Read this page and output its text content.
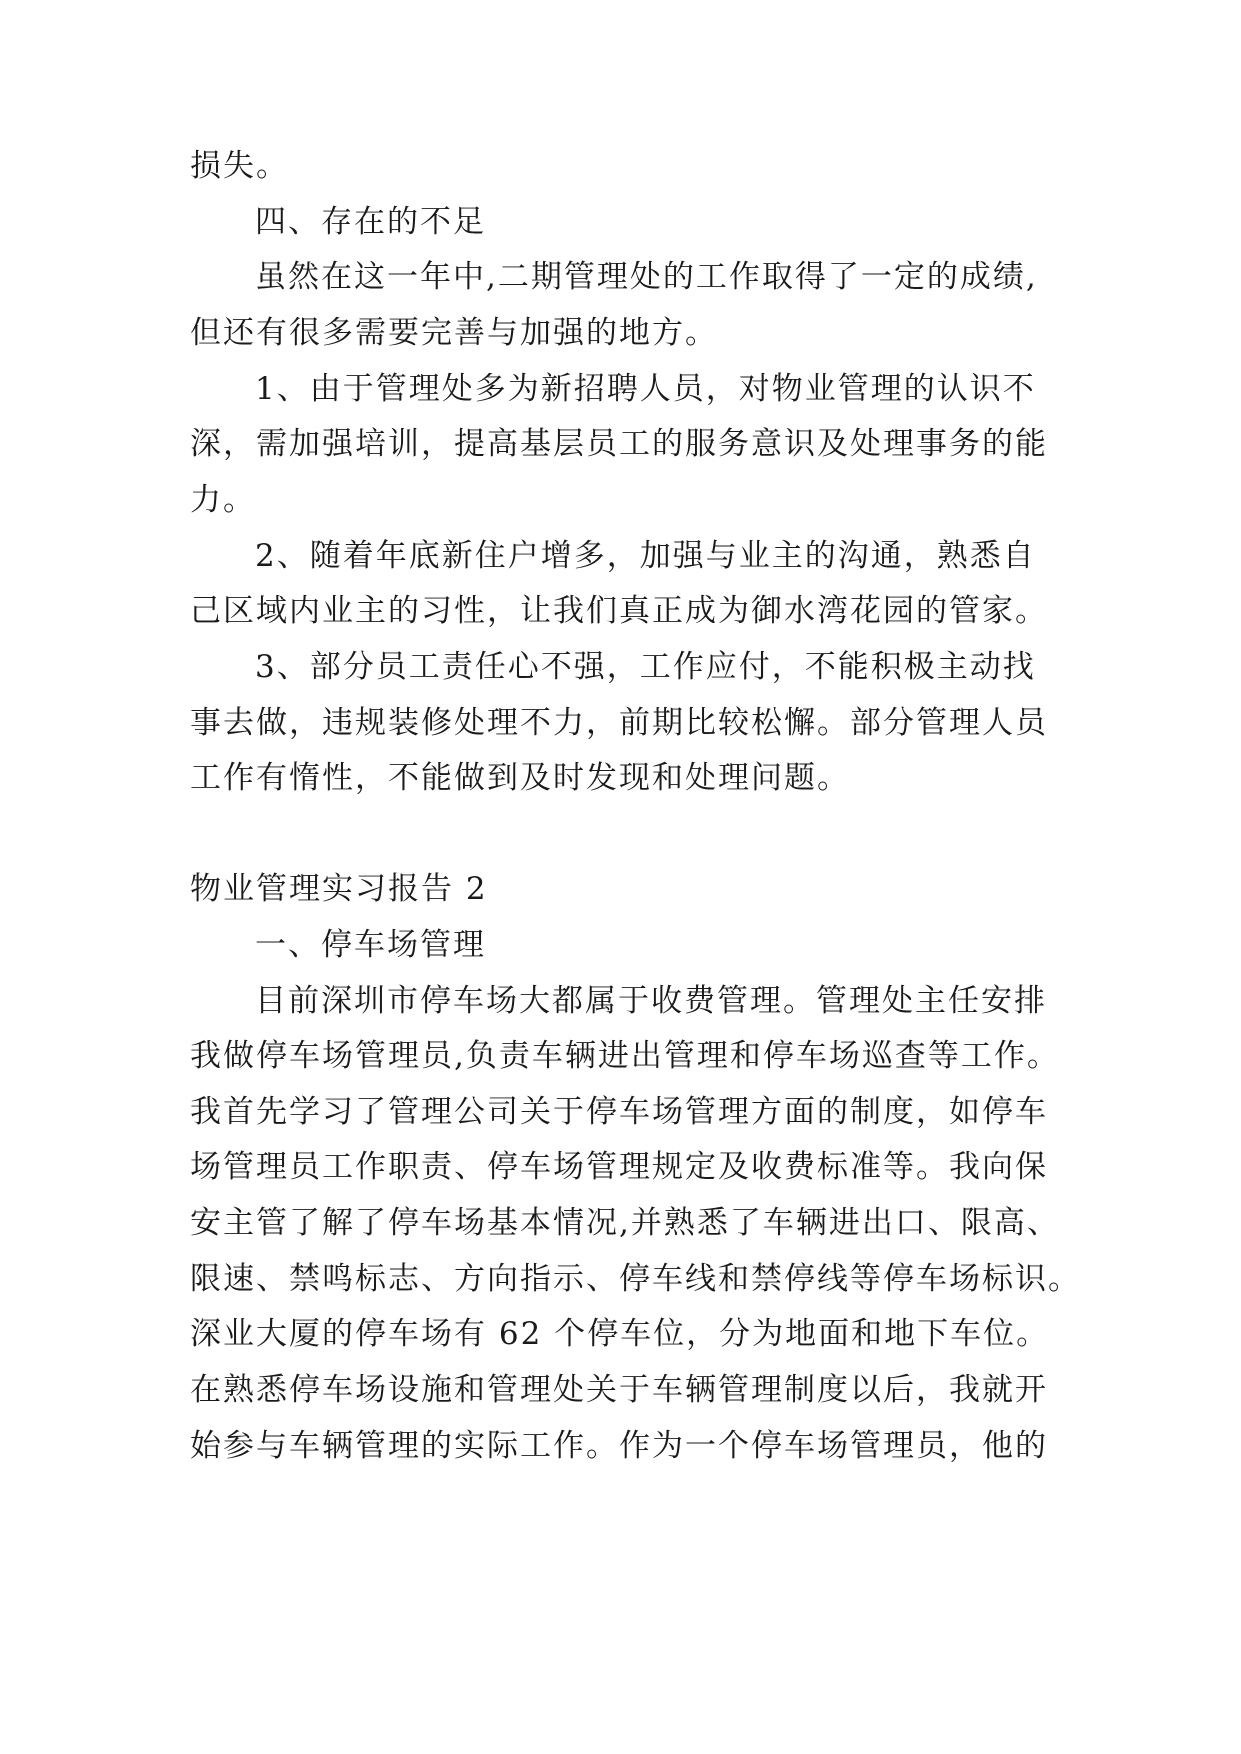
损失。
四、存在的不足
虽然在这一年中,二期管理处的工作取得了一定的成绩,
但还有很多需要完善与加强的地方。
1、由于管理处多为新招聘人员，对物业管理的认识不
深，需加强培训，提高基层员工的服务意识及处理事务的能
力。
2、随着年底新住户增多，加强与业主的沟通，熟悉自
己区域内业主的习性，让我们真正成为御水湾花园的管家。
3、部分员工责任心不强，工作应付，不能积极主动找
事去做，违规装修处理不力，前期比较松懈。部分管理人员
工作有惰性，不能做到及时发现和处理问题。
物业管理实习报告 2
一、停车场管理
目前深圳市停车场大都属于收费管理。管理处主任安排
我做停车场管理员,负责车辆进出管理和停车场巡查等工作。
我首先学习了管理公司关于停车场管理方面的制度，如停车
场管理员工作职责、停车场管理规定及收费标准等。我向保
安主管了解了停车场基本情况,并熟悉了车辆进出口、限高、
限速、禁鸣标志、方向指示、停车线和禁停线等停车场标识。
深业大厦的停车场有 62 个停车位，分为地面和地下车位。
在熟悉停车场设施和管理处关于车辆管理制度以后，我就开
始参与车辆管理的实际工作。作为一个停车场管理员，他的
